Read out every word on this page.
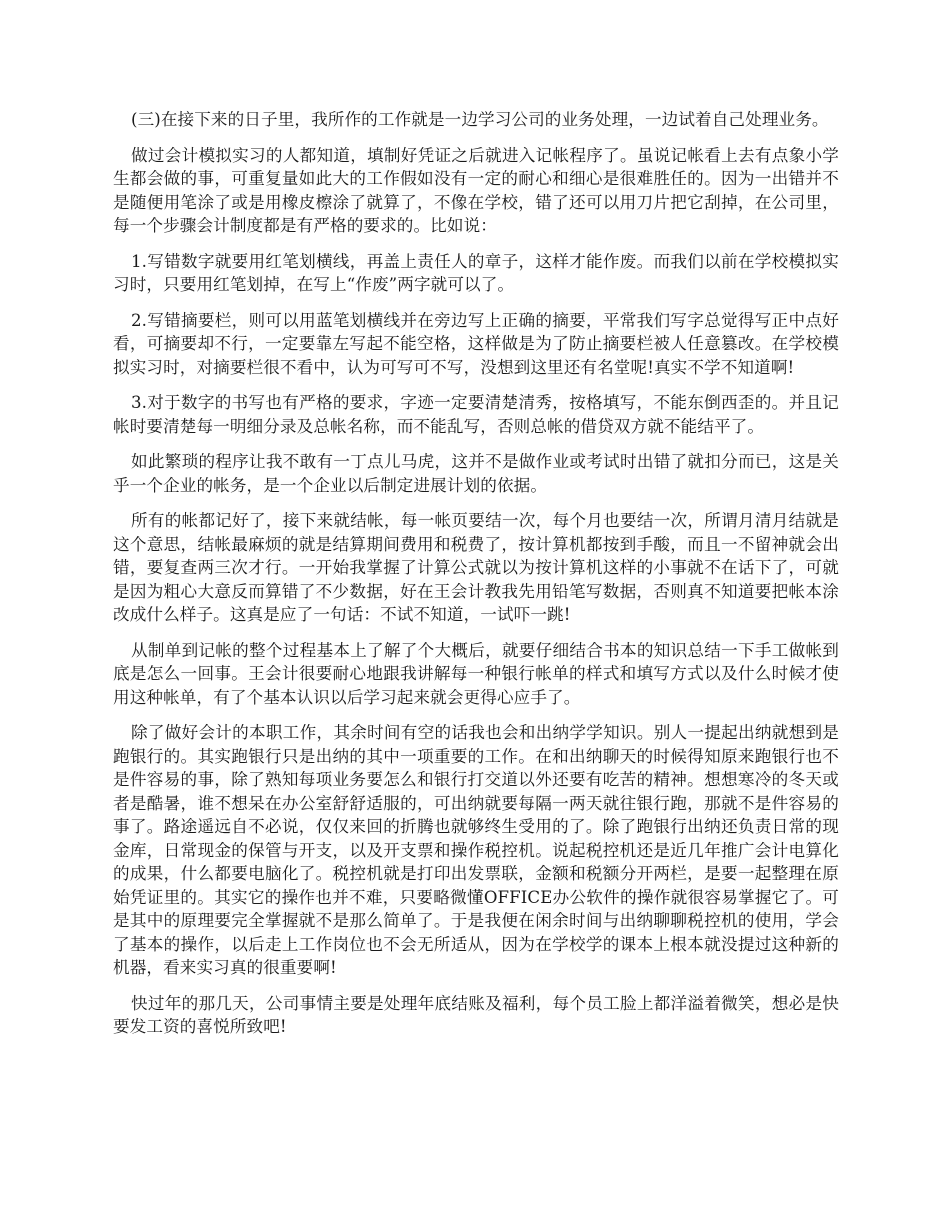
(三)在接下来的日子里，我所作的工作就是一边学习公司的业务处理，一边试着自己处理业务。

做过会计模拟实习的人都知道，填制好凭证之后就进入记帐程序了。虽说记帐看上去有点象小学生都会做的事，可重复量如此大的工作假如没有一定的耐心和细心是很难胜任的。因为一出错并不是随便用笔涂了或是用橡皮檫涂了就算了，不像在学校，错了还可以用刀片把它刮掉，在公司里，每一个步骤会计制度都是有严格的要求的。比如说：

1.写错数字就要用红笔划横线，再盖上责任人的章子，这样才能作废。而我们以前在学校模拟实习时，只要用红笔划掉，在写上“作废”两字就可以了。

2.写错摘要栏，则可以用蓝笔划横线并在旁边写上正确的摘要，平常我们写字总觉得写正中点好看，可摘要却不行，一定要靠左写起不能空格，这样做是为了防止摘要栏被人任意篡改。在学校模拟实习时，对摘要栏很不看中，认为可写可不写，没想到这里还有名堂呢!真实不学不知道啊!

3.对于数字的书写也有严格的要求，字迹一定要清楚清秀，按格填写，不能东倒西歪的。并且记帐时要清楚每一明细分录及总帐名称，而不能乱写，否则总帐的借贷双方就不能结平了。

如此繁琐的程序让我不敢有一丁点儿马虎，这并不是做作业或考试时出错了就扣分而已，这是关乎一个企业的帐务，是一个企业以后制定进展计划的依据。

所有的帐都记好了，接下来就结帐，每一帐页要结一次，每个月也要结一次，所谓月清月结就是这个意思，结帐最麻烦的就是结算期间费用和税费了，按计算机都按到手酸，而且一不留神就会出错，要复查两三次才行。一开始我掌握了计算公式就以为按计算机这样的小事就不在话下了，可就是因为粗心大意反而算错了不少数据，好在王会计教我先用铅笔写数据，否则真不知道要把帐本涂改成什么样子。这真是应了一句话：不试不知道，一试吓一跳!

从制单到记帐的整个过程基本上了解了个大概后，就要仔细结合书本的知识总结一下手工做帐到底是怎么一回事。王会计很要耐心地跟我讲解每一种银行帐单的样式和填写方式以及什么时候才使用这种帐单，有了个基本认识以后学习起来就会更得心应手了。

除了做好会计的本职工作，其余时间有空的话我也会和出纳学学知识。别人一提起出纳就想到是跑银行的。其实跑银行只是出纳的其中一项重要的工作。在和出纳聊天的时候得知原来跑银行也不是件容易的事，除了熟知每项业务要怎么和银行打交道以外还要有吃苦的精神。想想寒冷的冬天或者是酷暑，谁不想呆在办公室舒舒适服的，可出纳就要每隔一两天就往银行跑，那就不是件容易的事了。路途遥远自不必说，仅仅来回的折腾也就够终生受用的了。除了跑银行出纳还负责日常的现金库，日常现金的保管与开支，以及开支票和操作税控机。说起税控机还是近几年推广会计电算化的成果，什么都要电脑化了。税控机就是打印出发票联，金额和税额分开两栏，是要一起整理在原始凭证里的。其实它的操作也并不难，只要略微懂OFFICE办公软件的操作就很容易掌握它了。可是其中的原理要完全掌握就不是那么简单了。于是我便在闲余时间与出纳聊聊税控机的使用，学会了基本的操作，以后走上工作岗位也不会无所适从，因为在学校学的课本上根本就没提过这种新的机器，看来实习真的很重要啊!

快过年的那几天，公司事情主要是处理年底结账及福利，每个员工脸上都洋溢着微笑，想必是快要发工资的喜悦所致吧!
